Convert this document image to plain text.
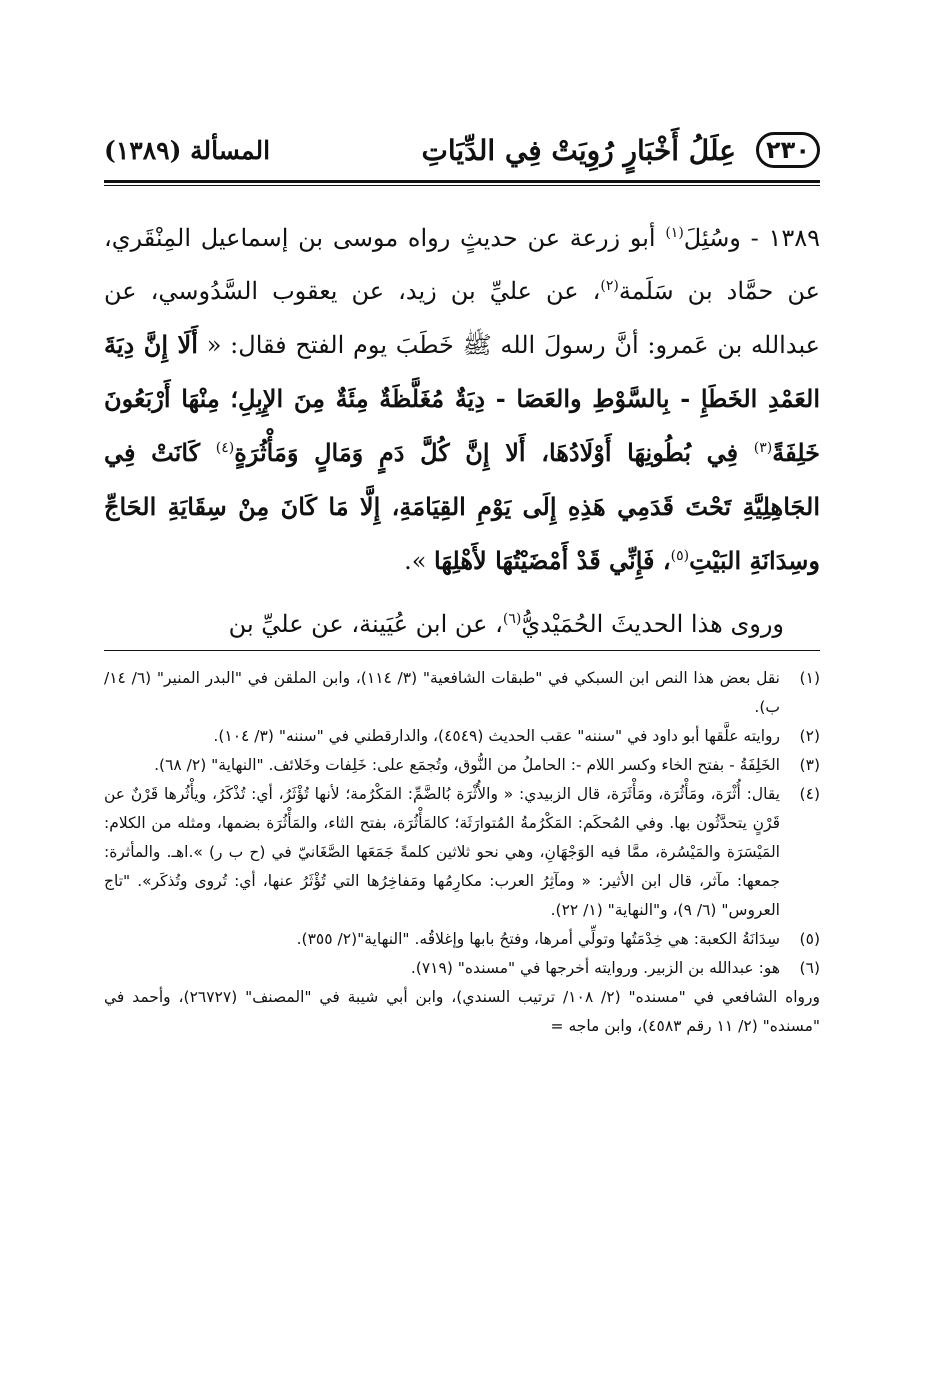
٢٣٠
عِلَلُ أَخْبَارٍ رُوِيَتْ فِي الدِّيَاتِ
المسألة (١٣٨٩)

١٣٨٩ - وسُئِلَ$^{(١)}$ أبو زرعة عن حديثٍ رواه موسى بن إسماعيل المِنْقَري، عن حمَّاد بن سَلَمة$^{(٢)}$، عن عليِّ بن زيد، عن يعقوب السَّدُوسي، عن عبدالله بن عَمرو: أنَّ رسولَ الله ﷺ خَطَبَ يوم الفتح فقال: « أَلَا إِنَّ دِيَةَ العَمْدِ الخَطَإِ - بِالسَّوْطِ والعَصَا - دِيَةٌ مُغَلَّظَةٌ مِئَةٌ مِنَ الإِبِلِ؛ مِنْهَا أَرْبَعُونَ خَلِفَةً$^{(٣)}$ فِي بُطُونِهَا أَوْلَادُهَا، أَلا إِنَّ كُلَّ دَمٍ وَمَالٍ وَمَأْثُرَةٍ$^{(٤)}$ كَانَتْ فِي الجَاهِلِيَّةِ تَحْتَ قَدَمِي هَذِهِ إِلَى يَوْمِ القِيَامَةِ، إِلَّا مَا كَانَ مِنْ سِقَايَةِ الحَاجِّ وسِدَانَةِ البَيْتِ$^{(٥)}$، فَإِنِّي قَدْ أَمْضَيْتُهَا لأَهْلِهَا ».

وروى هذا الحديثَ الحُمَيْديُّ$^{(٦)}$، عن ابن عُيَينة، عن عليِّ بن

(١)
نقل بعض هذا النص ابن السبكي في "طبقات الشافعية" (٣/ ١١٤)، وابن الملقن في "البدر المنير" (٦/ ١٤/ ب).
(٢)
روايته علَّقها أبو داود في "سننه" عقب الحديث (٤٥٤٩)، والدارقطني في "سننه" (٣/ ١٠٤).
(٣)
الخَلِفَةُ - بفتح الخاء وكسر اللام -: الحاملُ من النُّوق، وتُجمَع على: خَلِفات وخَلائف. "النهاية" (٢/ ٦٨).
(٤)
يقال: أُثْرَة، ومَأْثُرَة، ومَأْثَرَة، قال الزبيدي: « والأُثْرَة بُالضَّمِّ: المَكْرُمة؛ لأنها تُؤْثَرُ، أي: تُذْكَرُ، ويأْثُرها قَرْنٌ عن قَرْنٍ يتحدَّثُون بها. وفي المُحكَم: المَكْرُمةُ المُتوارَثَة؛ كالمَأْثُرَة، بفتح الثاء، والمَأْثُرَة بضمها، ومثله من الكلام: المَيْسَرَة والمَيْسُرة، ممَّا فيه الوَجْهَانِ، وهي نحو ثلاثين كلمةً جَمَعَها الصَّغَانيّ في (ح ب ر) ».اهـ. والمأثرة: جمعها: مآثر، قال ابن الأثير: « ومآثِرُ العرب: مكارِمُها ومَفاخِرُها التي تُؤْثَرُ عنها، أي: تُروى وتُذكَر». "تاج العروس" (٦/ ٩)، و"النهاية" (١/ ٢٢).
(٥)
سِدَانَةُ الكعبة: هي خِدْمَتُها وتولِّي أمرها، وفتحُ بابها وإغلاقُه. "النهاية"(٢/ ٣٥٥).
(٦)
هو: عبدالله بن الزبير. وروايته أخرجها في "مسنده" (٧١٩).
ورواه الشافعي في "مسنده" (٢/ ١٠٨/ ترتيب السندي)، وابن أبي شيبة في "المصنف" (٢٦٧٢٧)، وأحمد في "مسنده" (٢/ ١١ رقم ٤٥٨٣)، وابن ماجه =
